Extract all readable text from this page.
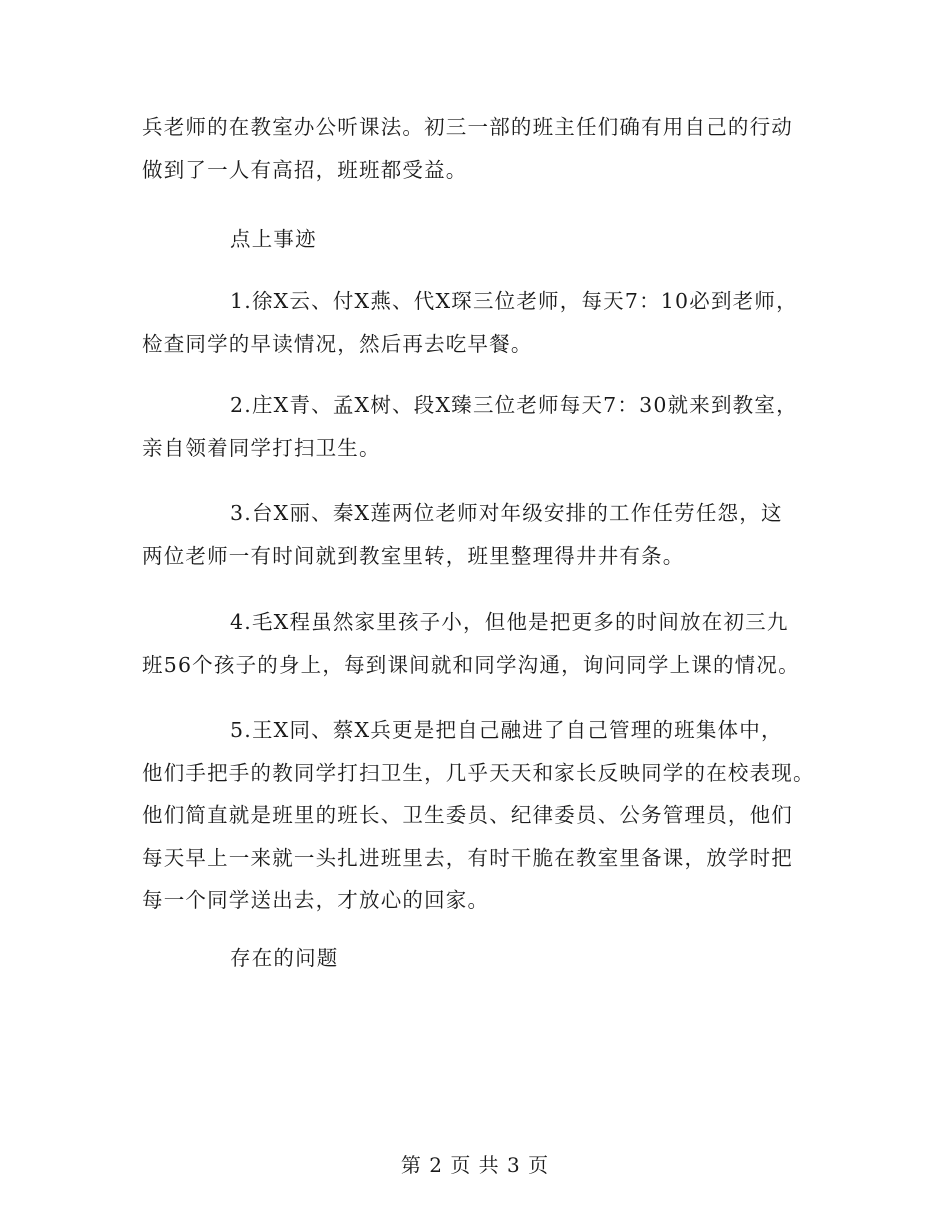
兵老师的在教室办公听课法。初三一部的班主任们确有用自己的行动
做到了一人有高招，班班都受益。
点上事迹
1.徐X云、付X燕、代X琛三位老师，每天7：10必到老师，
检查同学的早读情况，然后再去吃早餐。
2.庄X青、孟X树、段X臻三位老师每天7：30就来到教室，
亲自领着同学打扫卫生。
3.台X丽、秦X莲两位老师对年级安排的工作任劳任怨，这
两位老师一有时间就到教室里转，班里整理得井井有条。
4.毛X程虽然家里孩子小，但他是把更多的时间放在初三九
班56个孩子的身上，每到课间就和同学沟通，询问同学上课的情况。
5.王X同、蔡X兵更是把自己融进了自己管理的班集体中，
他们手把手的教同学打扫卫生，几乎天天和家长反映同学的在校表现。
他们简直就是班里的班长、卫生委员、纪律委员、公务管理员，他们
每天早上一来就一头扎进班里去，有时干脆在教室里备课，放学时把
每一个同学送出去，才放心的回家。
存在的问题
第 2 页 共 3 页
